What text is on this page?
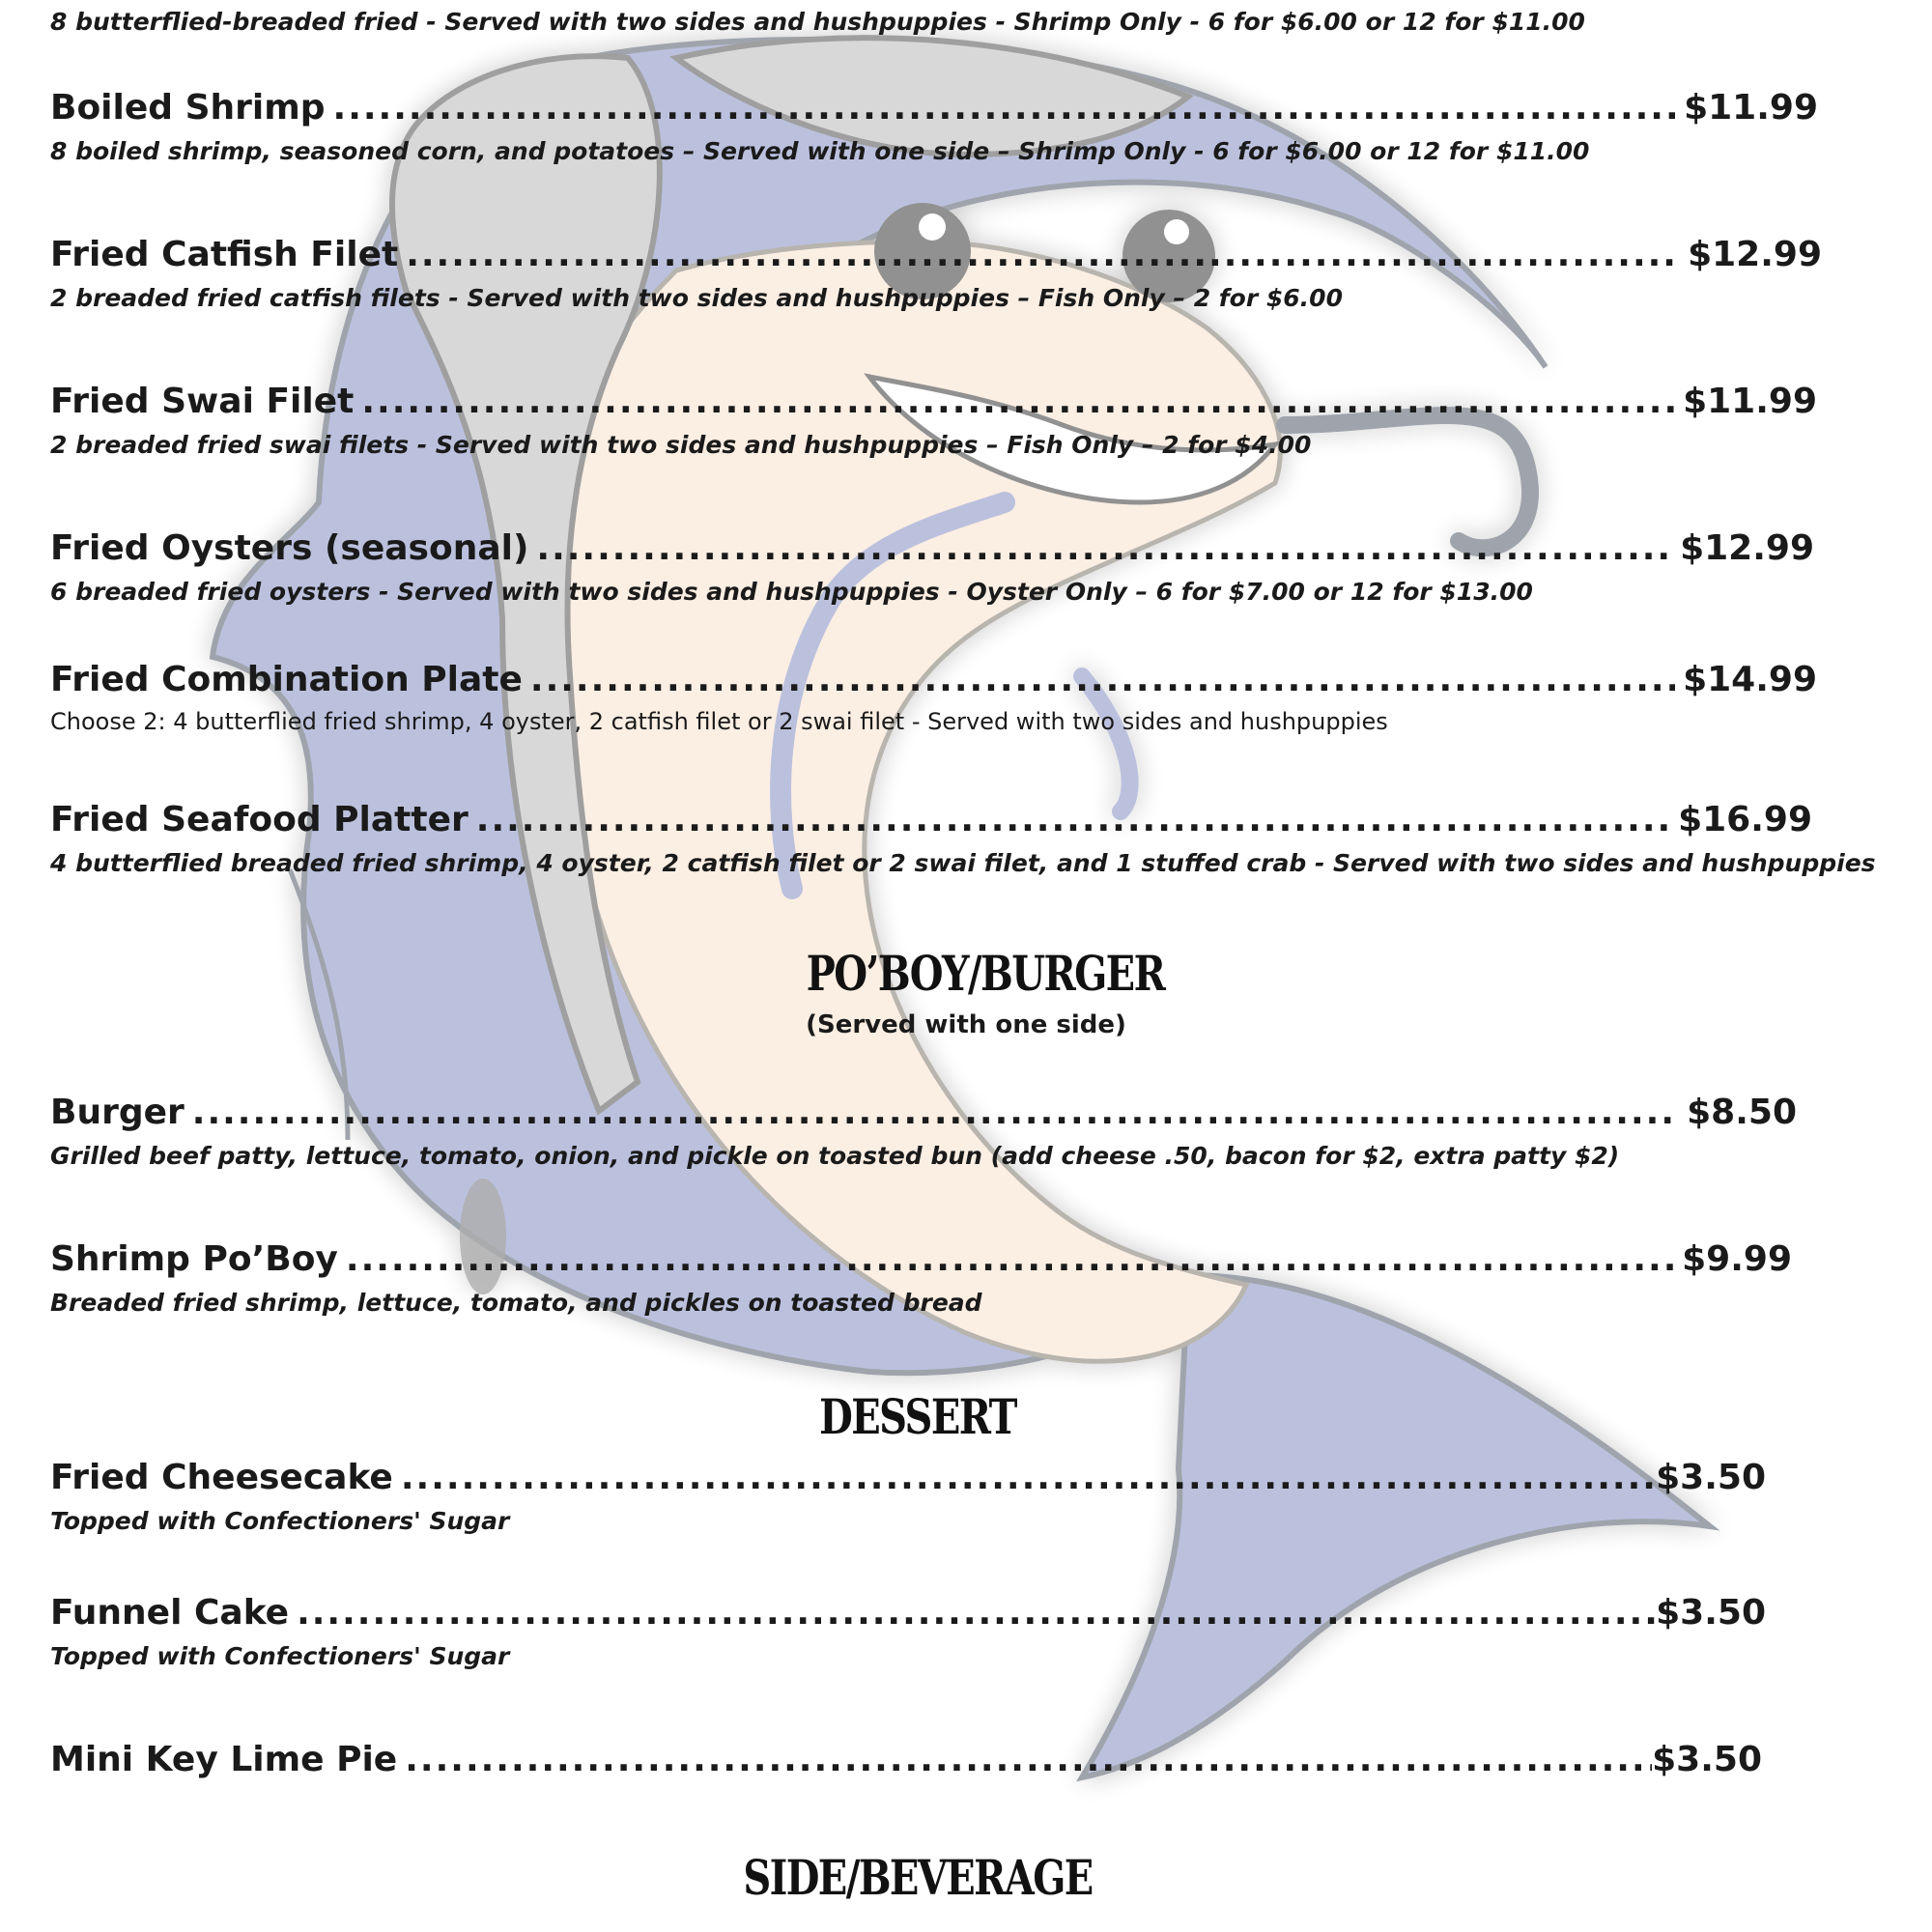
8 butterflied-breaded fried - Served with two sides and hushpuppies - Shrimp Only - 6 for $6.00 or 12 for $11.00
Boiled Shrimp .....	$11.99
8 boiled shrimp, seasoned corn, and potatoes – Served with one side – Shrimp Only - 6 for $6.00 or 12 for $11.00
Fried Catfish Filet .....	$12.99
2 breaded fried catfish filets - Served with two sides and hushpuppies – Fish Only – 2 for $6.00
Fried Swai Filet .....	$11.99
2 breaded fried swai filets - Served with two sides and hushpuppies – Fish Only – 2 for $4.00
Fried Oysters (seasonal) .....	$12.99
6 breaded fried oysters - Served with two sides and hushpuppies - Oyster Only – 6 for $7.00 or 12 for $13.00
Fried Combination Plate .....	$14.99
Choose 2: 4 butterflied fried shrimp, 4 oyster, 2 catfish filet or 2 swai filet - Served with two sides and hushpuppies
Fried Seafood Platter .....	$16.99
4 butterflied breaded fried shrimp, 4 oyster, 2 catfish filet or 2 swai filet, and 1 stuffed crab - Served with two sides and hushpuppies
PO’BOY/BURGER
(Served with one side)
Burger .....	$8.50
Grilled beef patty, lettuce, tomato, onion, and pickle on toasted bun (add cheese .50, bacon for $2, extra patty $2)
Shrimp Po’Boy .....	$9.99
Breaded fried shrimp, lettuce, tomato, and pickles on toasted bread
DESSERT
Fried Cheesecake .....	$3.50
Topped with Confectioners' Sugar
Funnel Cake .....	$3.50
Topped with Confectioners' Sugar
Mini Key Lime Pie .....	$3.50
SIDE/BEVERAGE
